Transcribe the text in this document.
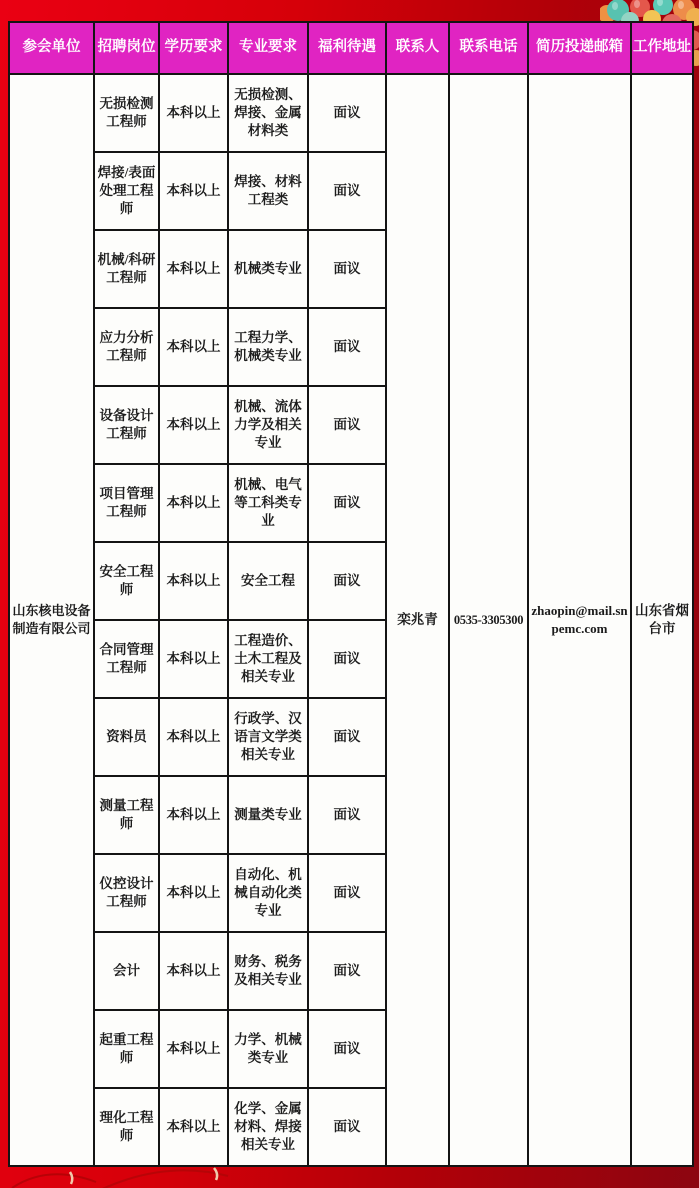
参会单位	招聘岗位	学历要求	专业要求	福利待遇	联系人	联系电话	简历投递邮箱	工作地址
山东核电设备制造有限公司	无损检测工程师	本科以上	无损检测、焊接、金属材料类	面议	栾兆青	0535-3305300	zhaopin@mail.snpemc.com	山东省烟台市
	焊接/表面处理工程师	本科以上	焊接、材料工程类	面议				
	机械/科研工程师	本科以上	机械类专业	面议				
	应力分析工程师	本科以上	工程力学、机械类专业	面议				
	设备设计工程师	本科以上	机械、流体力学及相关专业	面议				
	项目管理工程师	本科以上	机械、电气等工科类专业	面议				
	安全工程师	本科以上	安全工程	面议				
	合同管理工程师	本科以上	工程造价、土木工程及相关专业	面议				
	资料员	本科以上	行政学、汉语言文学类相关专业	面议				
	测量工程师	本科以上	测量类专业	面议				
	仪控设计工程师	本科以上	自动化、机械自动化类专业	面议				
	会计	本科以上	财务、税务及相关专业	面议				
	起重工程师	本科以上	力学、机械类专业	面议				
	理化工程师	本科以上	化学、金属材料、焊接相关专业	面议				
